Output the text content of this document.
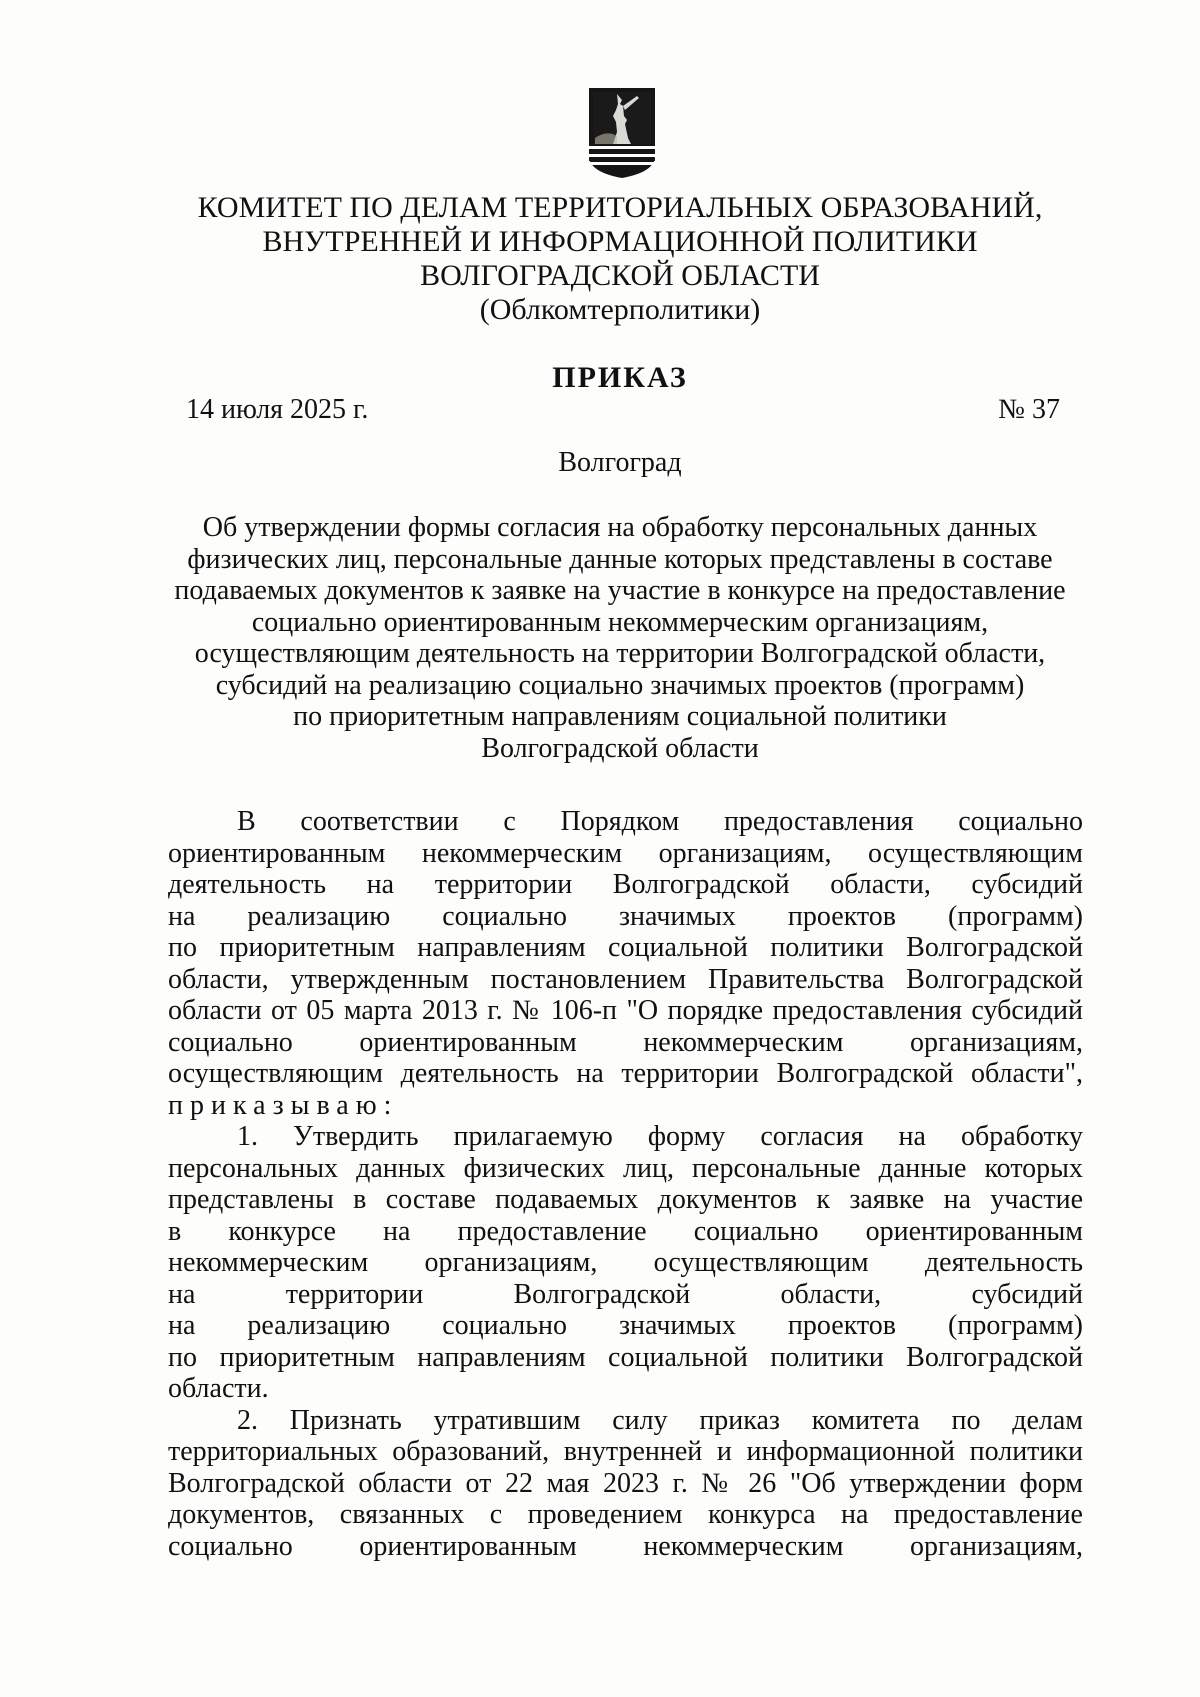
КОМИТЕТ ПО ДЕЛАМ ТЕРРИТОРИАЛЬНЫХ ОБРАЗОВАНИЙ,
ВНУТРЕННЕЙ И ИНФОРМАЦИОННОЙ ПОЛИТИКИ
ВОЛГОГРАДСКОЙ ОБЛАСТИ
(Облкомтерполитики)
ПРИКАЗ
14 июля 2025 г.	№ 37
Волгоград
Об утверждении формы согласия на обработку персональных данных
физических лиц, персональные данные которых представлены в составе
подаваемых документов к заявке на участие в конкурсе на предоставление
социально ориентированным некоммерческим организациям,
осуществляющим деятельность на территории Волгоградской области,
субсидий на реализацию социально значимых проектов (программ)
по приоритетным направлениям социальной политики
Волгоградской области
В соответствии с Порядком предоставления социально
ориентированным некоммерческим организациям, осуществляющим
деятельность на территории Волгоградской области, субсидий
на реализацию социально значимых проектов (программ)
по приоритетным направлениям социальной политики Волгоградской
области, утвержденным постановлением Правительства Волгоградской
области от 05 марта 2013 г. № 106-п "О порядке предоставления субсидий
социально ориентированным некоммерческим организациям,
осуществляющим деятельность на территории Волгоградской области",
приказываю:
1. Утвердить прилагаемую форму согласия на обработку
персональных данных физических лиц, персональные данные которых
представлены в составе подаваемых документов к заявке на участие
в конкурсе на предоставление социально ориентированным
некоммерческим организациям, осуществляющим деятельность
на территории Волгоградской области, субсидий
на реализацию социально значимых проектов (программ)
по приоритетным направлениям социальной политики Волгоградской
области.
2. Признать утратившим силу приказ комитета по делам
территориальных образований, внутренней и информационной политики
Волгоградской области от 22 мая 2023 г. № 26 "Об утверждении форм
документов, связанных с проведением конкурса на предоставление
социально ориентированным некоммерческим организациям,
